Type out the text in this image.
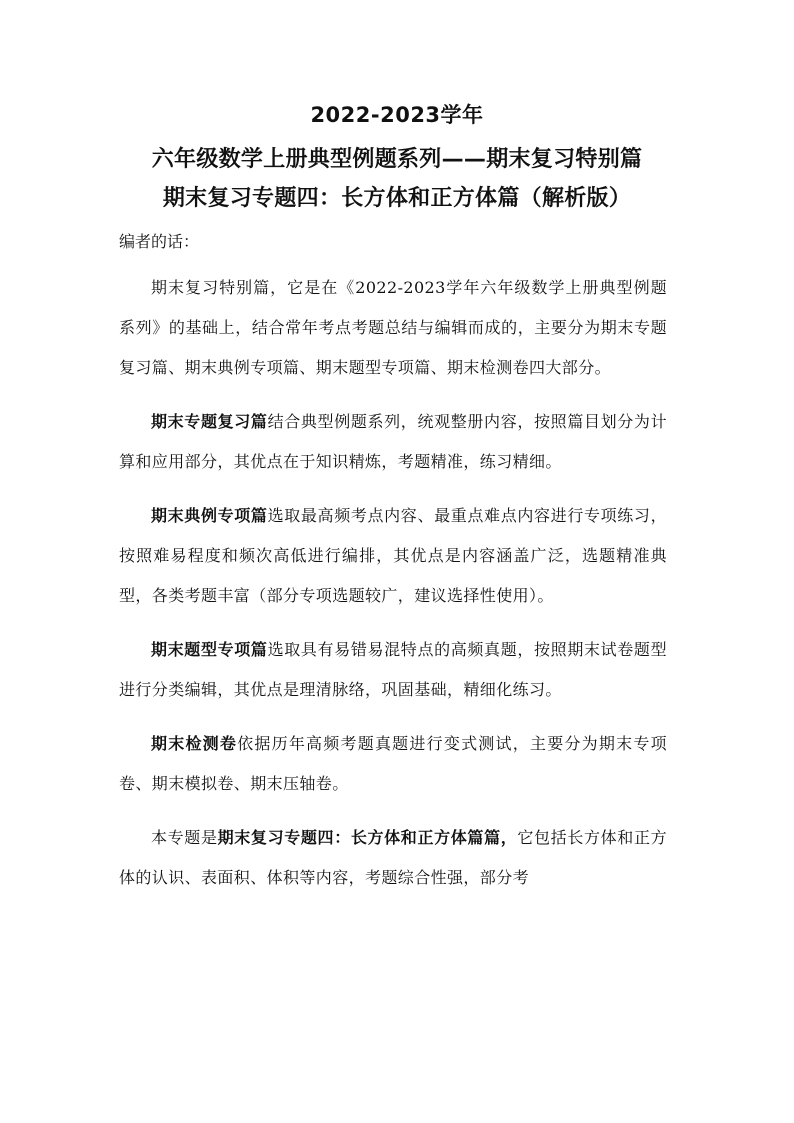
2022-2023学年
六年级数学上册典型例题系列——期末复习特别篇
期末复习专题四：长方体和正方体篇（解析版）
编者的话：

期末复习特别篇，它是在《2022-2023学年六年级数学上册典型例题系列》的基础上，结合常年考点考题总结与编辑而成的，主要分为期末专题复习篇、期末典例专项篇、期末题型专项篇、期末检测卷四大部分。

期末专题复习篇结合典型例题系列，统观整册内容，按照篇目划分为计算和应用部分，其优点在于知识精炼，考题精准，练习精细。

期末典例专项篇选取最高频考点内容、最重点难点内容进行专项练习，按照难易程度和频次高低进行编排，其优点是内容涵盖广泛，选题精准典型，各类考题丰富（部分专项选题较广，建议选择性使用）。

期末题型专项篇选取具有易错易混特点的高频真题，按照期末试卷题型进行分类编辑，其优点是理清脉络，巩固基础，精细化练习。

期末检测卷依据历年高频考题真题进行变式测试，主要分为期末专项卷、期末模拟卷、期末压轴卷。

本专题是期末复习专题四：长方体和正方体篇篇，它包括长方体和正方体的认识、表面积、体积等内容，考题综合性强，部分考
